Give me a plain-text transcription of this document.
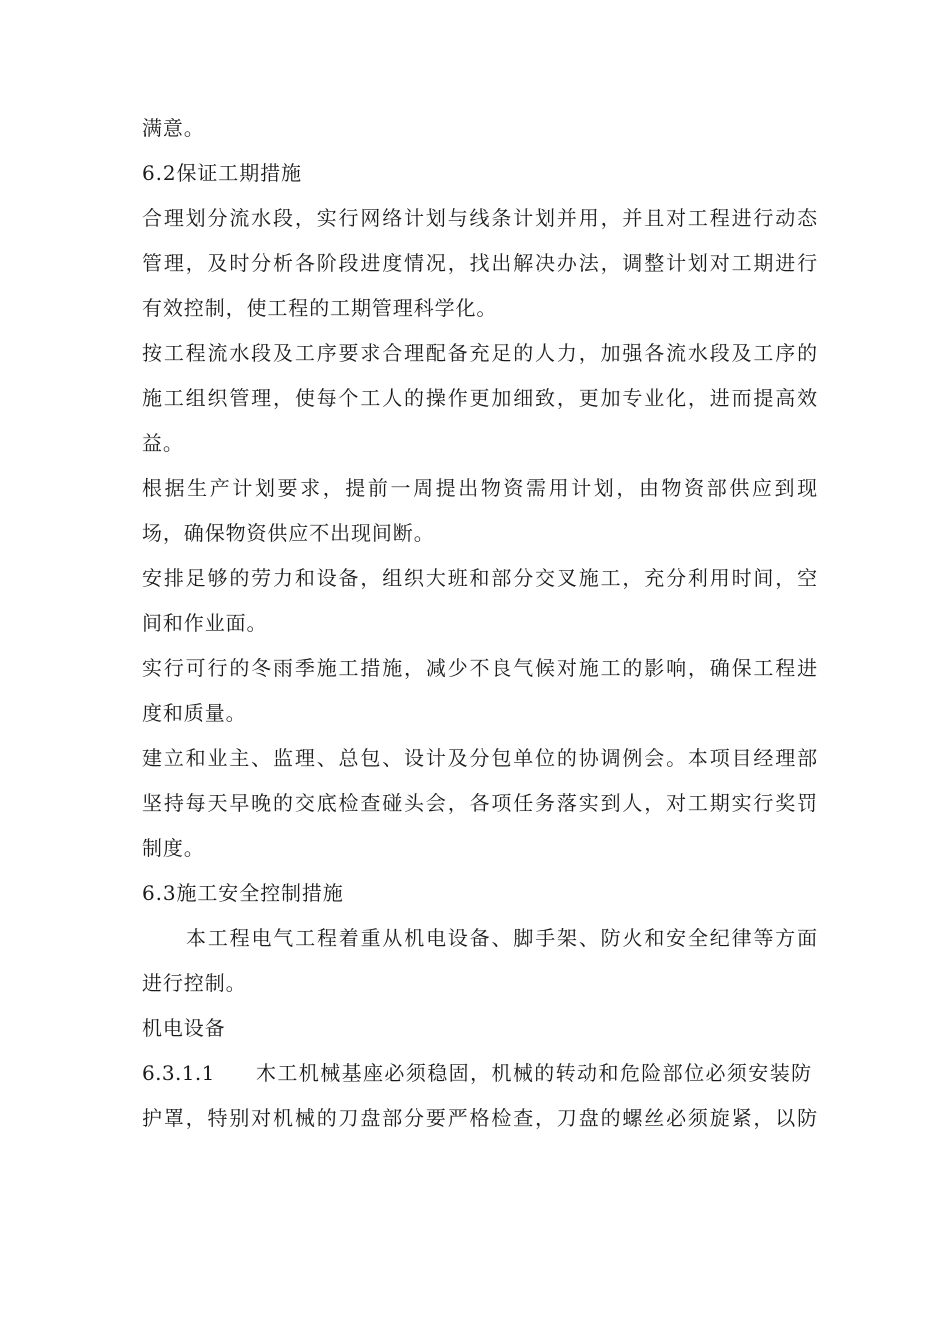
满意。
6.2保证工期措施
合理划分流水段，实行网络计划与线条计划并用，并且对工程进行动态
管理，及时分析各阶段进度情况，找出解决办法，调整计划对工期进行
有效控制，使工程的工期管理科学化。
按工程流水段及工序要求合理配备充足的人力，加强各流水段及工序的
施工组织管理，使每个工人的操作更加细致，更加专业化，进而提高效
益。
根据生产计划要求，提前一周提出物资需用计划，由物资部供应到现
场，确保物资供应不出现间断。
安排足够的劳力和设备，组织大班和部分交叉施工，充分利用时间，空
间和作业面。
实行可行的冬雨季施工措施，减少不良气候对施工的影响，确保工程进
度和质量。
建立和业主、监理、总包、设计及分包单位的协调例会。本项目经理部
坚持每天早晚的交底检查碰头会，各项任务落实到人，对工期实行奖罚
制度。
6.3施工安全控制措施
本工程电气工程着重从机电设备、脚手架、防火和安全纪律等方面
进行控制。
机电设备
6.3.1.1 木工机械基座必须稳固，机械的转动和危险部位必须安装防
护罩，特别对机械的刀盘部分要严格检查，刀盘的螺丝必须旋紧，以防
